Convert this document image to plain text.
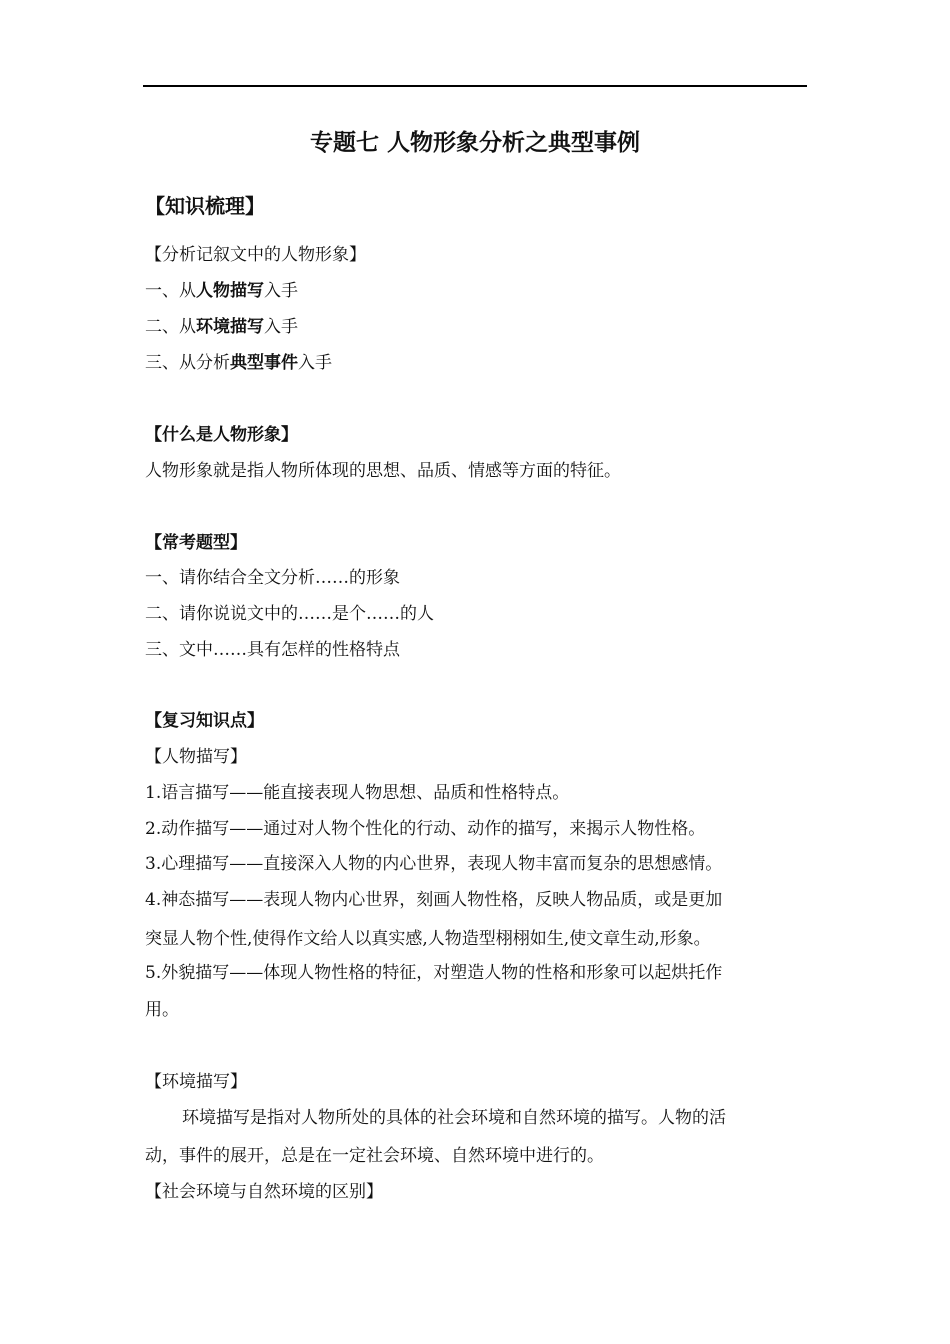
专题七 人物形象分析之典型事例
【知识梳理】
【分析记叙文中的人物形象】
一、从人物描写入手
二、从环境描写入手
三、从分析典型事件入手
【什么是人物形象】
人物形象就是指人物所体现的思想、品质、情感等方面的特征。
【常考题型】
一、请你结合全文分析……的形象
二、请你说说文中的……是个……的人
三、文中……具有怎样的性格特点
【复习知识点】
【人物描写】
1.语言描写——能直接表现人物思想、品质和性格特点。
2.动作描写——通过对人物个性化的行动、动作的描写，来揭示人物性格。
3.心理描写——直接深入人物的内心世界，表现人物丰富而复杂的思想感情。
4.神态描写——表现人物内心世界，刻画人物性格，反映人物品质，或是更加
突显人物个性,使得作文给人以真实感,人物造型栩栩如生,使文章生动,形象。
5.外貌描写——体现人物性格的特征，对塑造人物的性格和形象可以起烘托作
用。
【环境描写】
环境描写是指对人物所处的具体的社会环境和自然环境的描写。人物的活
动，事件的展开，总是在一定社会环境、自然环境中进行的。
【社会环境与自然环境的区别】
